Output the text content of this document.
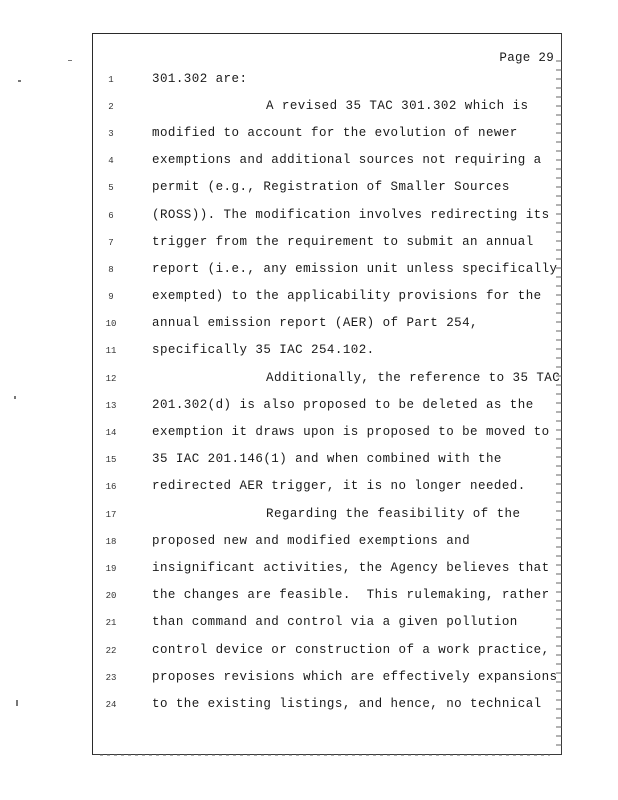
Page 29
1	301.302 are:
2	A revised 35 TAC 301.302 which is
3	modified to account for the evolution of newer
4	exemptions and additional sources not requiring a
5	permit (e.g., Registration of Smaller Sources
6	(ROSS)). The modification involves redirecting its
7	trigger from the requirement to submit an annual
8	report (i.e., any emission unit unless specifically
9	exempted) to the applicability provisions for the
10	annual emission report (AER) of Part 254,
11	specifically 35 IAC 254.102.
12	Additionally, the reference to 35 TAC
13	201.302(d) is also proposed to be deleted as the
14	exemption it draws upon is proposed to be moved to
15	35 IAC 201.146(1) and when combined with the
16	redirected AER trigger, it is no longer needed.
17	Regarding the feasibility of the
18	proposed new and modified exemptions and
19	insignificant activities, the Agency believes that
20	the changes are feasible.  This rulemaking, rather
21	than command and control via a given pollution
22	control device or construction of a work practice,
23	proposes revisions which are effectively expansions
24	to the existing listings, and hence, no technical
